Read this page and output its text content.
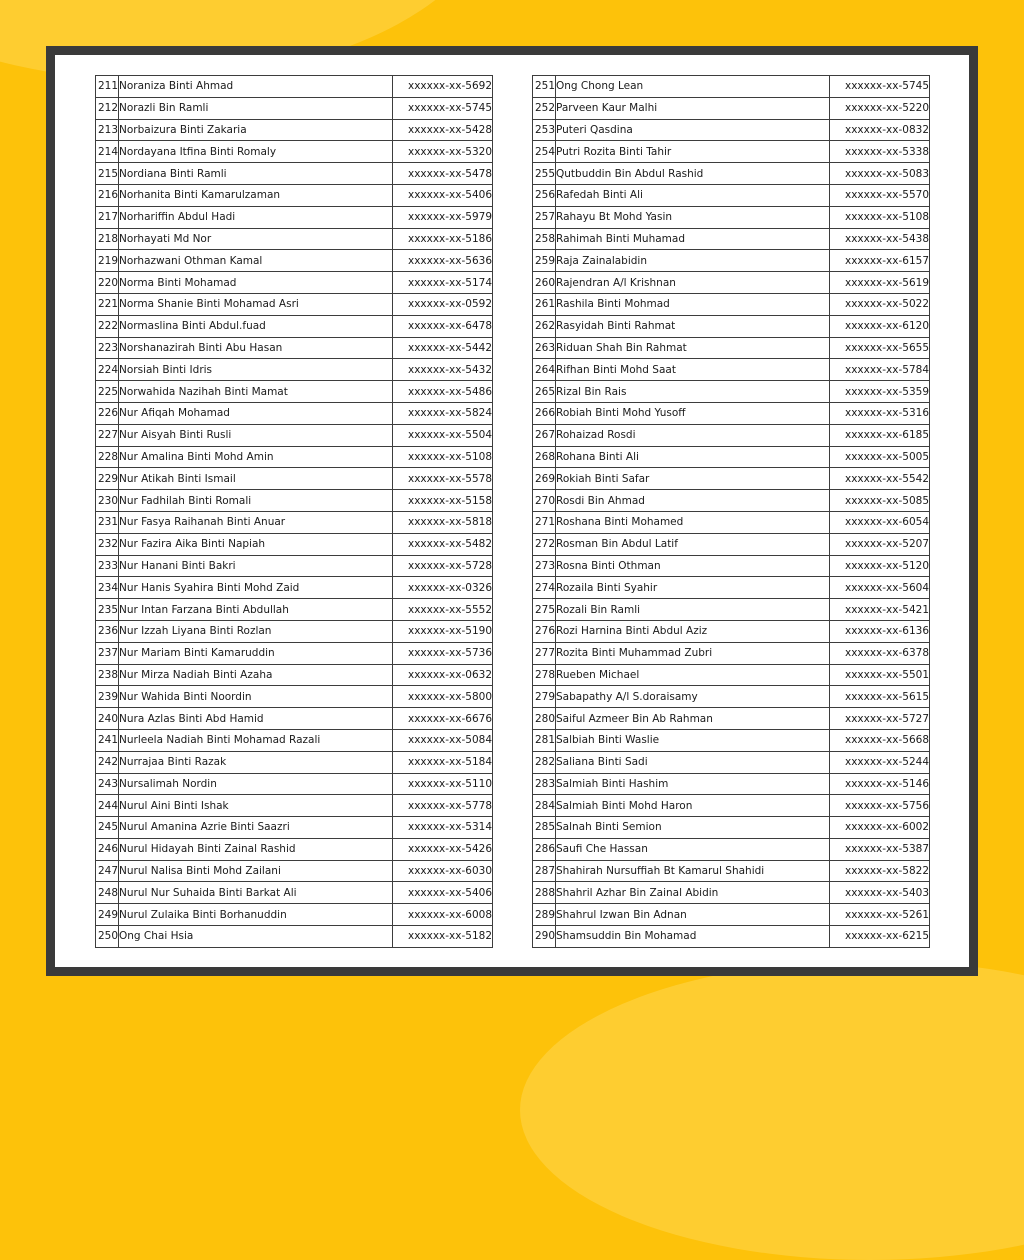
211	Noraniza Binti Ahmad	xxxxxx-xx-5692
212	Norazli Bin Ramli	xxxxxx-xx-5745
213	Norbaizura Binti Zakaria	xxxxxx-xx-5428
214	Nordayana Itfina Binti Romaly	xxxxxx-xx-5320
215	Nordiana Binti Ramli	xxxxxx-xx-5478
216	Norhanita Binti Kamarulzaman	xxxxxx-xx-5406
217	Norhariffin Abdul Hadi	xxxxxx-xx-5979
218	Norhayati Md Nor	xxxxxx-xx-5186
219	Norhazwani Othman Kamal	xxxxxx-xx-5636
220	Norma Binti Mohamad	xxxxxx-xx-5174
221	Norma Shanie Binti Mohamad Asri	xxxxxx-xx-0592
222	Normaslina Binti Abdul.fuad	xxxxxx-xx-6478
223	Norshanazirah Binti Abu Hasan	xxxxxx-xx-5442
224	Norsiah Binti Idris	xxxxxx-xx-5432
225	Norwahida Nazihah Binti Mamat	xxxxxx-xx-5486
226	Nur Afiqah Mohamad	xxxxxx-xx-5824
227	Nur Aisyah Binti Rusli	xxxxxx-xx-5504
228	Nur Amalina Binti Mohd Amin	xxxxxx-xx-5108
229	Nur Atikah Binti Ismail	xxxxxx-xx-5578
230	Nur Fadhilah Binti Romali	xxxxxx-xx-5158
231	Nur Fasya Raihanah Binti Anuar	xxxxxx-xx-5818
232	Nur Fazira Aika Binti Napiah	xxxxxx-xx-5482
233	Nur Hanani Binti Bakri	xxxxxx-xx-5728
234	Nur Hanis Syahira Binti Mohd Zaid	xxxxxx-xx-0326
235	Nur Intan Farzana Binti Abdullah	xxxxxx-xx-5552
236	Nur Izzah Liyana Binti Rozlan	xxxxxx-xx-5190
237	Nur Mariam Binti Kamaruddin	xxxxxx-xx-5736
238	Nur Mirza Nadiah Binti Azaha	xxxxxx-xx-0632
239	Nur Wahida Binti Noordin	xxxxxx-xx-5800
240	Nura Azlas Binti Abd Hamid	xxxxxx-xx-6676
241	Nurleela Nadiah Binti Mohamad Razali	xxxxxx-xx-5084
242	Nurrajaa Binti Razak	xxxxxx-xx-5184
243	Nursalimah Nordin	xxxxxx-xx-5110
244	Nurul Aini Binti Ishak	xxxxxx-xx-5778
245	Nurul Amanina Azrie Binti Saazri	xxxxxx-xx-5314
246	Nurul Hidayah Binti Zainal Rashid	xxxxxx-xx-5426
247	Nurul Nalisa Binti Mohd Zailani	xxxxxx-xx-6030
248	Nurul Nur Suhaida Binti Barkat Ali	xxxxxx-xx-5406
249	Nurul Zulaika Binti Borhanuddin	xxxxxx-xx-6008
250	Ong Chai Hsia	xxxxxx-xx-5182
251	Ong Chong Lean	xxxxxx-xx-5745
252	Parveen Kaur Malhi	xxxxxx-xx-5220
253	Puteri Qasdina	xxxxxx-xx-0832
254	Putri Rozita Binti Tahir	xxxxxx-xx-5338
255	Qutbuddin Bin Abdul Rashid	xxxxxx-xx-5083
256	Rafedah Binti Ali	xxxxxx-xx-5570
257	Rahayu Bt Mohd Yasin	xxxxxx-xx-5108
258	Rahimah Binti Muhamad	xxxxxx-xx-5438
259	Raja Zainalabidin	xxxxxx-xx-6157
260	Rajendran A/l Krishnan	xxxxxx-xx-5619
261	Rashila Binti Mohmad	xxxxxx-xx-5022
262	Rasyidah Binti Rahmat	xxxxxx-xx-6120
263	Riduan Shah Bin Rahmat	xxxxxx-xx-5655
264	Rifhan Binti Mohd Saat	xxxxxx-xx-5784
265	Rizal Bin Rais	xxxxxx-xx-5359
266	Robiah Binti Mohd Yusoff	xxxxxx-xx-5316
267	Rohaizad Rosdi	xxxxxx-xx-6185
268	Rohana Binti Ali	xxxxxx-xx-5005
269	Rokiah Binti Safar	xxxxxx-xx-5542
270	Rosdi Bin Ahmad	xxxxxx-xx-5085
271	Roshana Binti Mohamed	xxxxxx-xx-6054
272	Rosman Bin Abdul Latif	xxxxxx-xx-5207
273	Rosna Binti Othman	xxxxxx-xx-5120
274	Rozaila Binti Syahir	xxxxxx-xx-5604
275	Rozali Bin Ramli	xxxxxx-xx-5421
276	Rozi Harnina Binti Abdul Aziz	xxxxxx-xx-6136
277	Rozita Binti Muhammad Zubri	xxxxxx-xx-6378
278	Rueben Michael	xxxxxx-xx-5501
279	Sabapathy A/l S.doraisamy	xxxxxx-xx-5615
280	Saiful Azmeer Bin Ab Rahman	xxxxxx-xx-5727
281	Salbiah Binti Waslie	xxxxxx-xx-5668
282	Saliana Binti Sadi	xxxxxx-xx-5244
283	Salmiah Binti Hashim	xxxxxx-xx-5146
284	Salmiah Binti Mohd Haron	xxxxxx-xx-5756
285	Salnah Binti Semion	xxxxxx-xx-6002
286	Saufi Che Hassan	xxxxxx-xx-5387
287	Shahirah Nursuffiah Bt Kamarul Shahidi	xxxxxx-xx-5822
288	Shahril Azhar Bin Zainal Abidin	xxxxxx-xx-5403
289	Shahrul Izwan Bin Adnan	xxxxxx-xx-5261
290	Shamsuddin Bin Mohamad	xxxxxx-xx-6215
